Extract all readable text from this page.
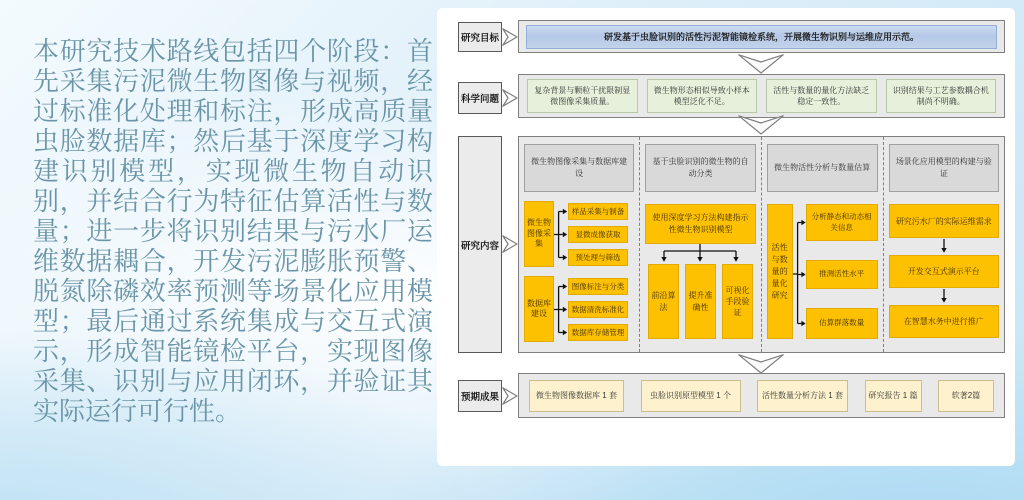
本研究技术路线包括四个阶段：首先采集污泥微生物图像与视频，经过标准化处理和标注，形成高质量虫脸数据库；然后基于深度学习构建识别模型，实现微生物自动识别，并结合行为特征估算活性与数量；进一步将识别结果与污水厂运维数据耦合，开发污泥膨胀预警、脱氮除磷效率预测等场景化应用模型；最后通过系统集成与交互式演示，形成智能镜检平台，实现图像采集、识别与应用闭环，并验证其实际运行可行性。

研究目标
科学问题
研究内容
预期成果
研发基于虫脸识别的活性污泥智能镜检系统，开展微生物识别与运维应用示范。
复杂背景与颗粒干扰限制显微图像采集质量。
微生物形态相似导致小样本模型泛化不足。
活性与数量的量化方法缺乏稳定一致性。
识别结果与工艺参数耦合机制尚不明确。
微生物图像采集与数据库建设
微生物图像采集
样品采集与制备
显微成像获取
预处理与筛选
数据库建设
图像标注与分类
数据清洗标准化
数据库存储管理
基于虫脸识别的微生物的自动分类
使用深度学习方法构建指示性微生物识别模型
前沿算法
提升准确性
可视化手段验证
微生物活性分析与数量估算
活性与数量的量化研究
分析静态和动态相关信息
推测活性水平
估算群落数量
场景化应用模型的构建与验证
研究污水厂的实际运维需求
开发交互式演示平台
在智慧水务中进行推广
微生物图像数据库 1 套	虫脸识别原型模型 1 个	活性数量分析方法 1 套	研究报告 1 篇	软著2篇
